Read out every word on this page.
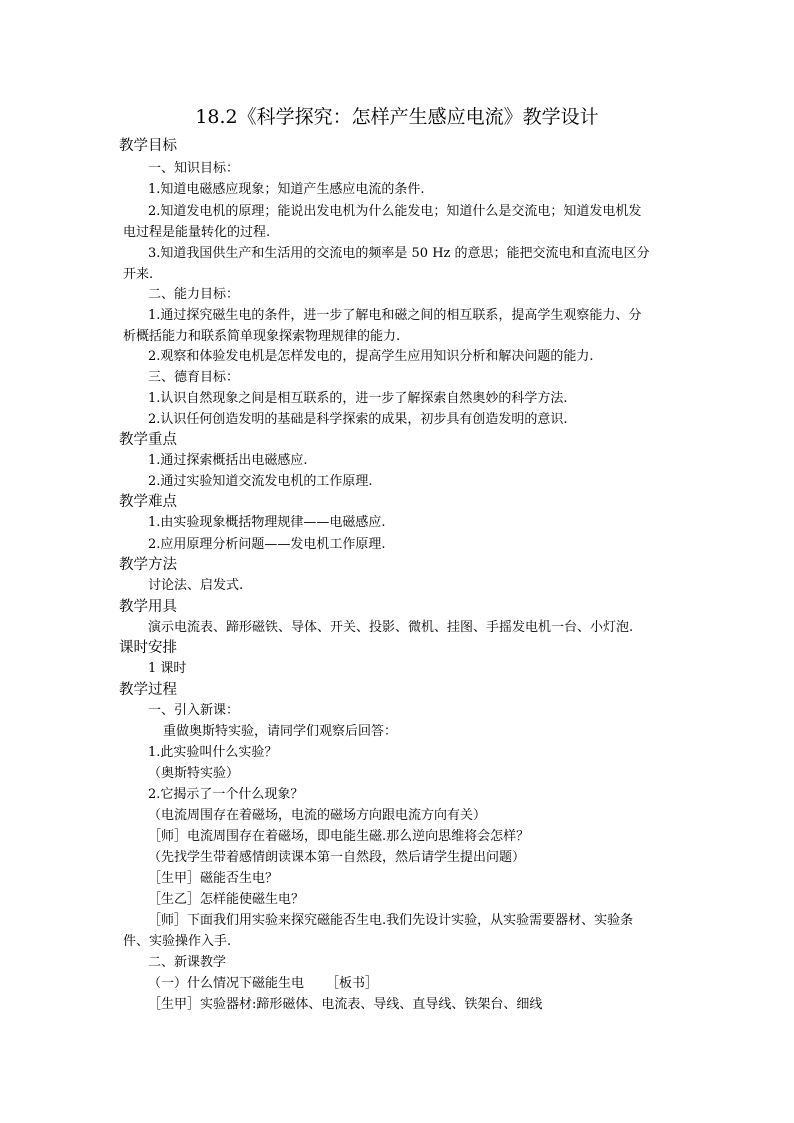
18.2《科学探究：怎样产生感应电流》教学设计
教学目标
一、知识目标：
1.知道电磁感应现象；知道产生感应电流的条件.
2.知道发电机的原理；能说出发电机为什么能发电；知道什么是交流电；知道发电机发
电过程是能量转化的过程.
3.知道我国供生产和生活用的交流电的频率是 50 Hz 的意思；能把交流电和直流电区分
开来.
二、能力目标：
1.通过探究磁生电的条件，进一步了解电和磁之间的相互联系，提高学生观察能力、分
析概括能力和联系简单现象探索物理规律的能力.
2.观察和体验发电机是怎样发电的，提高学生应用知识分析和解决问题的能力.
三、德育目标：
1.认识自然现象之间是相互联系的，进一步了解探索自然奥妙的科学方法.
2.认识任何创造发明的基础是科学探索的成果，初步具有创造发明的意识.
教学重点
1.通过探索概括出电磁感应.
2.通过实验知道交流发电机的工作原理.
教学难点
1.由实验现象概括物理规律——电磁感应.
2.应用原理分析问题——发电机工作原理.
教学方法
讨论法、启发式.
教学用具
演示电流表、蹄形磁铁、导体、开关、投影、微机、挂图、手摇发电机一台、小灯泡.
课时安排
1 课时
教学过程
一、引入新课：
重做奥斯特实验，请同学们观察后回答：
1.此实验叫什么实验？
（奥斯特实验）
2.它揭示了一个什么现象？
（电流周围存在着磁场，电流的磁场方向跟电流方向有关）
［师］电流周围存在着磁场，即电能生磁.那么逆向思维将会怎样？
（先找学生带着感情朗读课本第一自然段，然后请学生提出问题）
［生甲］磁能否生电？
［生乙］怎样能使磁生电？
［师］下面我们用实验来探究磁能否生电.我们先设计实验，从实验需要器材、实验条
件、实验操作入手.
二、新课教学
（一）什么情况下磁能生电 ［板书］
［生甲］实验器材:蹄形磁体、电流表、导线、直导线、铁架台、细线
